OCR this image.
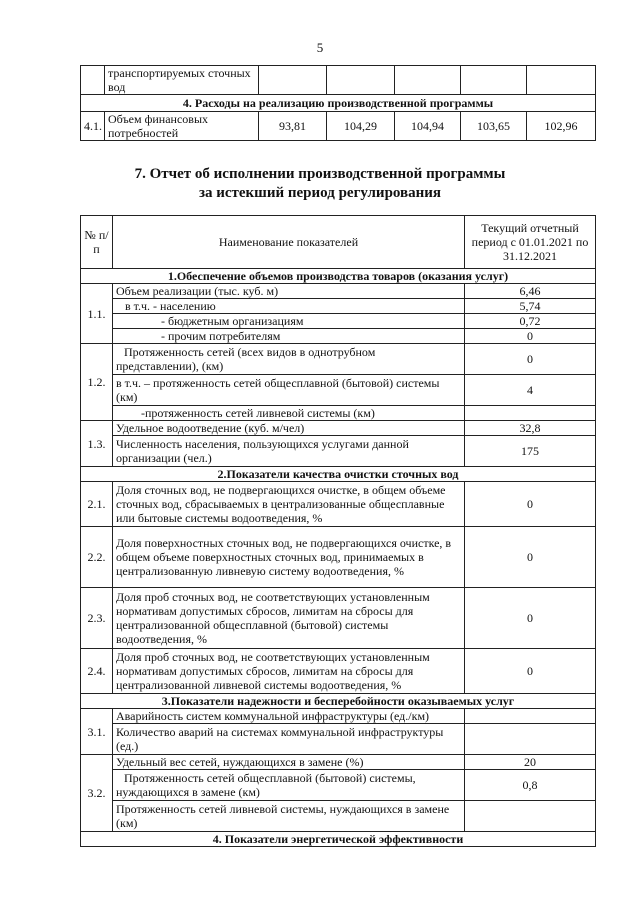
5
	транспортируемых сточных вод					
4. Расходы на реализацию производственной программы						
4.1.	Объем финансовых потребностей	93,81	104,29	104,94	103,65	102,96
7. Отчет об исполнении производственной программы
за истекший период регулирования
№ п/п	Наименование показателей	Текущий отчетный период с 01.01.2021 по 31.12.2021
1.Обеспечение объемов производства товаров (оказания услуг)		
1.1.	Объем реализации (тыс. куб. м)	6,46
	в т.ч. - населению	5,74
	- бюджетным организациям	0,72
	- прочим потребителям	0
1.2.	Протяженность сетей (всех видов в однотрубном представлении), (км)	0
	в т.ч. – протяженность сетей общесплавной (бытовой) системы (км)	4
	-протяженность сетей ливневой системы (км)	
1.3.	Удельное водоотведение (куб. м/чел)	32,8
	Численность населения, пользующихся услугами данной организации (чел.)	175
2.Показатели качества очистки сточных вод		
2.1.	Доля сточных вод, не подвергающихся очистке, в общем объеме сточных вод, сбрасываемых в централизованные общесплавные или бытовые системы водоотведения, %	0
2.2.	Доля поверхностных сточных вод, не подвергающихся очистке, в общем объеме поверхностных сточных вод, принимаемых в централизованную ливневую систему водоотведения, %	0
2.3.	Доля проб сточных вод, не соответствующих установленным нормативам допустимых сбросов, лимитам на сбросы для централизованной общесплавной (бытовой) системы водоотведения, %	0
2.4.	Доля проб сточных вод, не соответствующих установленным нормативам допустимых сбросов, лимитам на сбросы для централизованной ливневой системы водоотведения, %	0
3.Показатели надежности и бесперебойности оказываемых услуг		
3.1.	Аварийность систем коммунальной инфраструктуры (ед./км)	
	Количество аварий на системах коммунальной инфраструктуры (ед.)	
3.2.	Удельный вес сетей, нуждающихся в замене (%)	20
	Протяженность сетей общесплавной (бытовой) системы, нуждающихся в замене (км)	0,8
	Протяженность сетей ливневой системы, нуждающихся в замене (км)	
4. Показатели энергетической эффективности		
